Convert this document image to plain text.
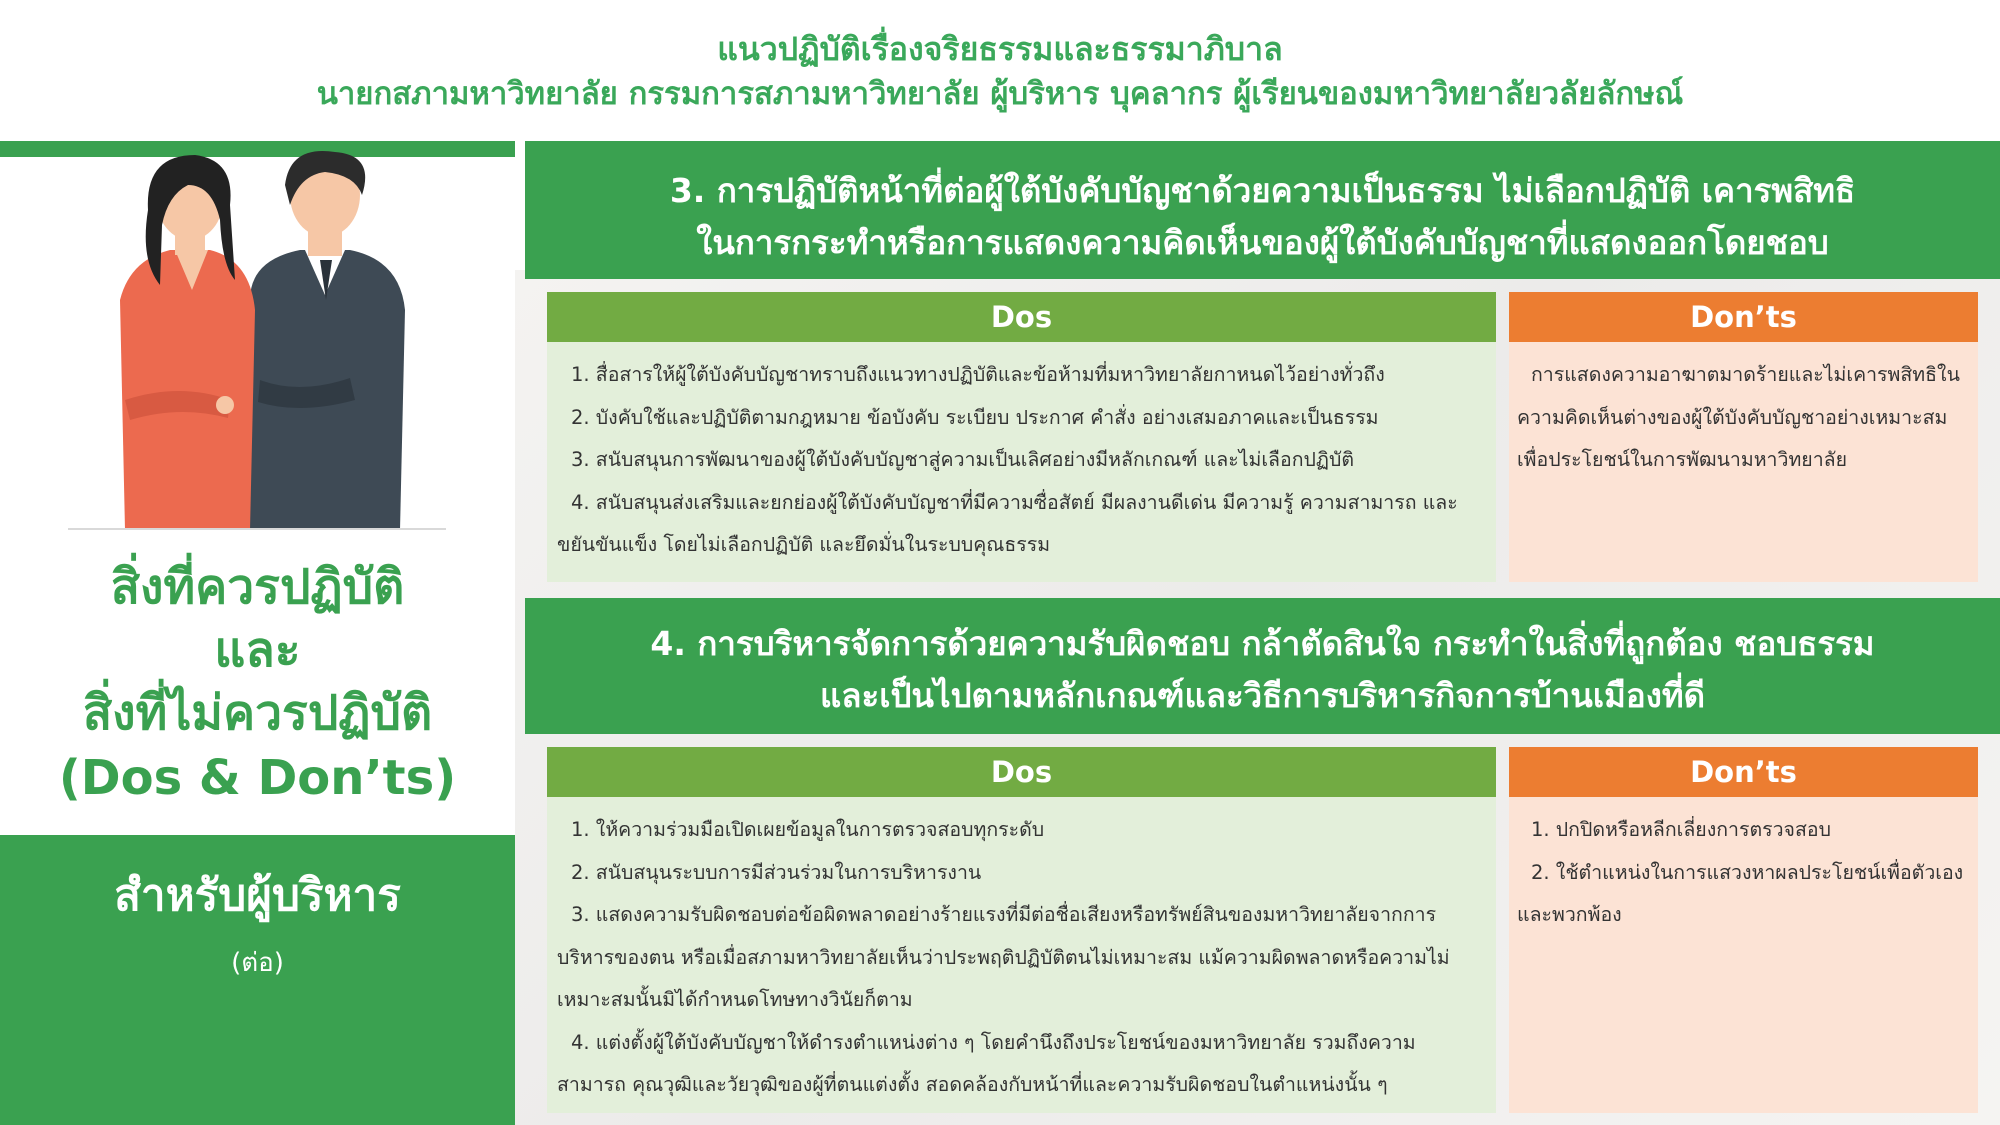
แนวปฏิบัติเรื่องจริยธรรมและธรรมาภิบาล
นายกสภามหาวิทยาลัย กรรมการสภามหาวิทยาลัย ผู้บริหาร บุคลากร ผู้เรียนของมหาวิทยาลัยวลัยลักษณ์
สิ่งที่ควรปฏิบัติ
และ
สิ่งที่ไม่ควรปฏิบัติ
(Dos & Don’ts)
สำหรับผู้บริหาร
(ต่อ)
3. การปฏิบัติหน้าที่ต่อผู้ใต้บังคับบัญชาด้วยความเป็นธรรม ไม่เลือกปฏิบัติ เคารพสิทธิ
ในการกระทำหรือการแสดงความคิดเห็นของผู้ใต้บังคับบัญชาที่แสดงออกโดยชอบ
Dos	Don’ts
1. สื่อสารให้ผู้ใต้บังคับบัญชาทราบถึงแนวทางปฏิบัติและข้อห้ามที่มหาวิทยาลัยกาหนดไว้อย่างทั่วถึง
2. บังคับใช้และปฏิบัติตามกฎหมาย ข้อบังคับ ระเบียบ ประกาศ คำสั่ง อย่างเสมอภาคและเป็นธรรม
3. สนับสนุนการพัฒนาของผู้ใต้บังคับบัญชาสู่ความเป็นเลิศอย่างมีหลักเกณฑ์ และไม่เลือกปฏิบัติ
4. สนับสนุนส่งเสริมและยกย่องผู้ใต้บังคับบัญชาที่มีความซื่อสัตย์ มีผลงานดีเด่น มีความรู้ ความสามารถ และขยันขันแข็ง โดยไม่เลือกปฏิบัติ และยึดมั่นในระบบคุณธรรม
การแสดงความอาฆาตมาดร้ายและไม่เคารพสิทธิในความคิดเห็นต่างของผู้ใต้บังคับบัญชาอย่างเหมาะสมเพื่อประโยชน์ในการพัฒนามหาวิทยาลัย
4. การบริหารจัดการด้วยความรับผิดชอบ กล้าตัดสินใจ กระทำในสิ่งที่ถูกต้อง ชอบธรรม
และเป็นไปตามหลักเกณฑ์และวิธีการบริหารกิจการบ้านเมืองที่ดี
Dos	Don’ts
1. ให้ความร่วมมือเปิดเผยข้อมูลในการตรวจสอบทุกระดับ
2. สนับสนุนระบบการมีส่วนร่วมในการบริหารงาน
3. แสดงความรับผิดชอบต่อข้อผิดพลาดอย่างร้ายแรงที่มีต่อชื่อเสียงหรือทรัพย์สินของมหาวิทยาลัยจากการบริหารของตน หรือเมื่อสภามหาวิทยาลัยเห็นว่าประพฤติปฏิบัติตนไม่เหมาะสม แม้ความผิดพลาดหรือความไม่เหมาะสมนั้นมิได้กำหนดโทษทางวินัยก็ตาม
4. แต่งตั้งผู้ใต้บังคับบัญชาให้ดำรงตำแหน่งต่าง ๆ โดยคำนึงถึงประโยชน์ของมหาวิทยาลัย รวมถึงความสามารถ คุณวุฒิและวัยวุฒิของผู้ที่ตนแต่งตั้ง สอดคล้องกับหน้าที่และความรับผิดชอบในตำแหน่งนั้น ๆ
1. ปกปิดหรือหลีกเลี่ยงการตรวจสอบ
2. ใช้ตำแหน่งในการแสวงหาผลประโยชน์เพื่อตัวเองและพวกพ้อง
